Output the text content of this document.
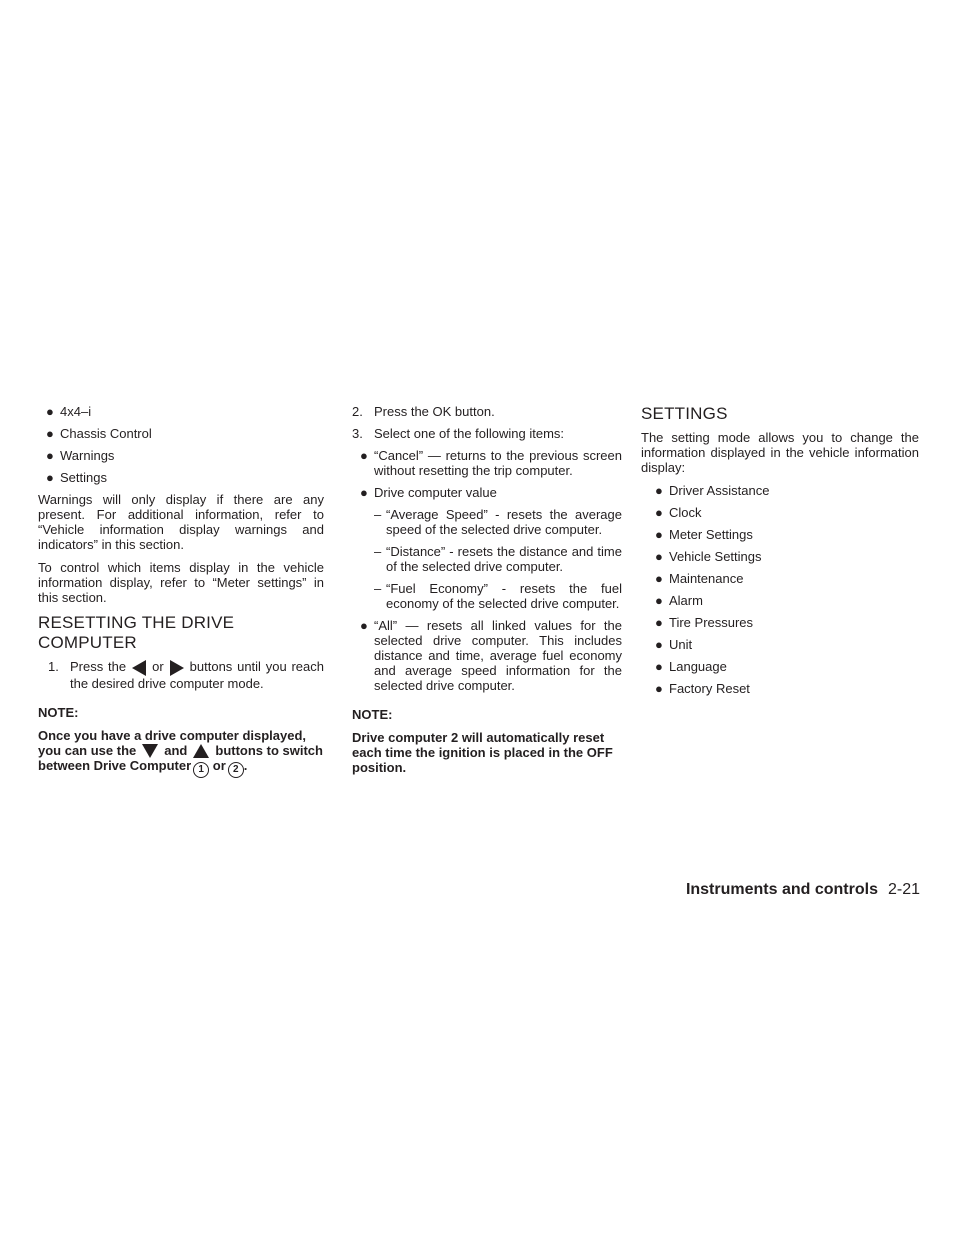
● 4x4–i
● Chassis Control
● Warnings
● Settings

Warnings will only display if there are any present. For additional information, refer to “Vehicle information display warnings and indicators” in this section.

To control which items display in the vehicle information display, refer to “Meter settings” in this section.

RESETTING THE DRIVE COMPUTER
1. Press the or buttons until you reach the desired drive computer mode.

NOTE:

Once you have a drive computer displayed, you can use the and buttons to switch between Drive Computer 1 or 2 .

2. Press the OK button.
3. Select one of the following items:
● “Cancel” — returns to the previous screen without resetting the trip computer.
● Drive computer value
– “Average Speed” - resets the average speed of the selected drive computer.
– “Distance” - resets the distance and time of the selected drive computer.
– “Fuel Economy” - resets the fuel economy of the selected drive computer.
● “All” — resets all linked values for the selected drive computer. This includes distance and time, average fuel economy and average speed information for the selected drive computer.

NOTE:

Drive computer 2 will automatically reset each time the ignition is placed in the OFF position.

SETTINGS

The setting mode allows you to change the information displayed in the vehicle information display:

● Driver Assistance
● Clock
● Meter Settings
● Vehicle Settings
● Maintenance
● Alarm
● Tire Pressures
● Unit
● Language
● Factory Reset
Instruments and controls 2-21
